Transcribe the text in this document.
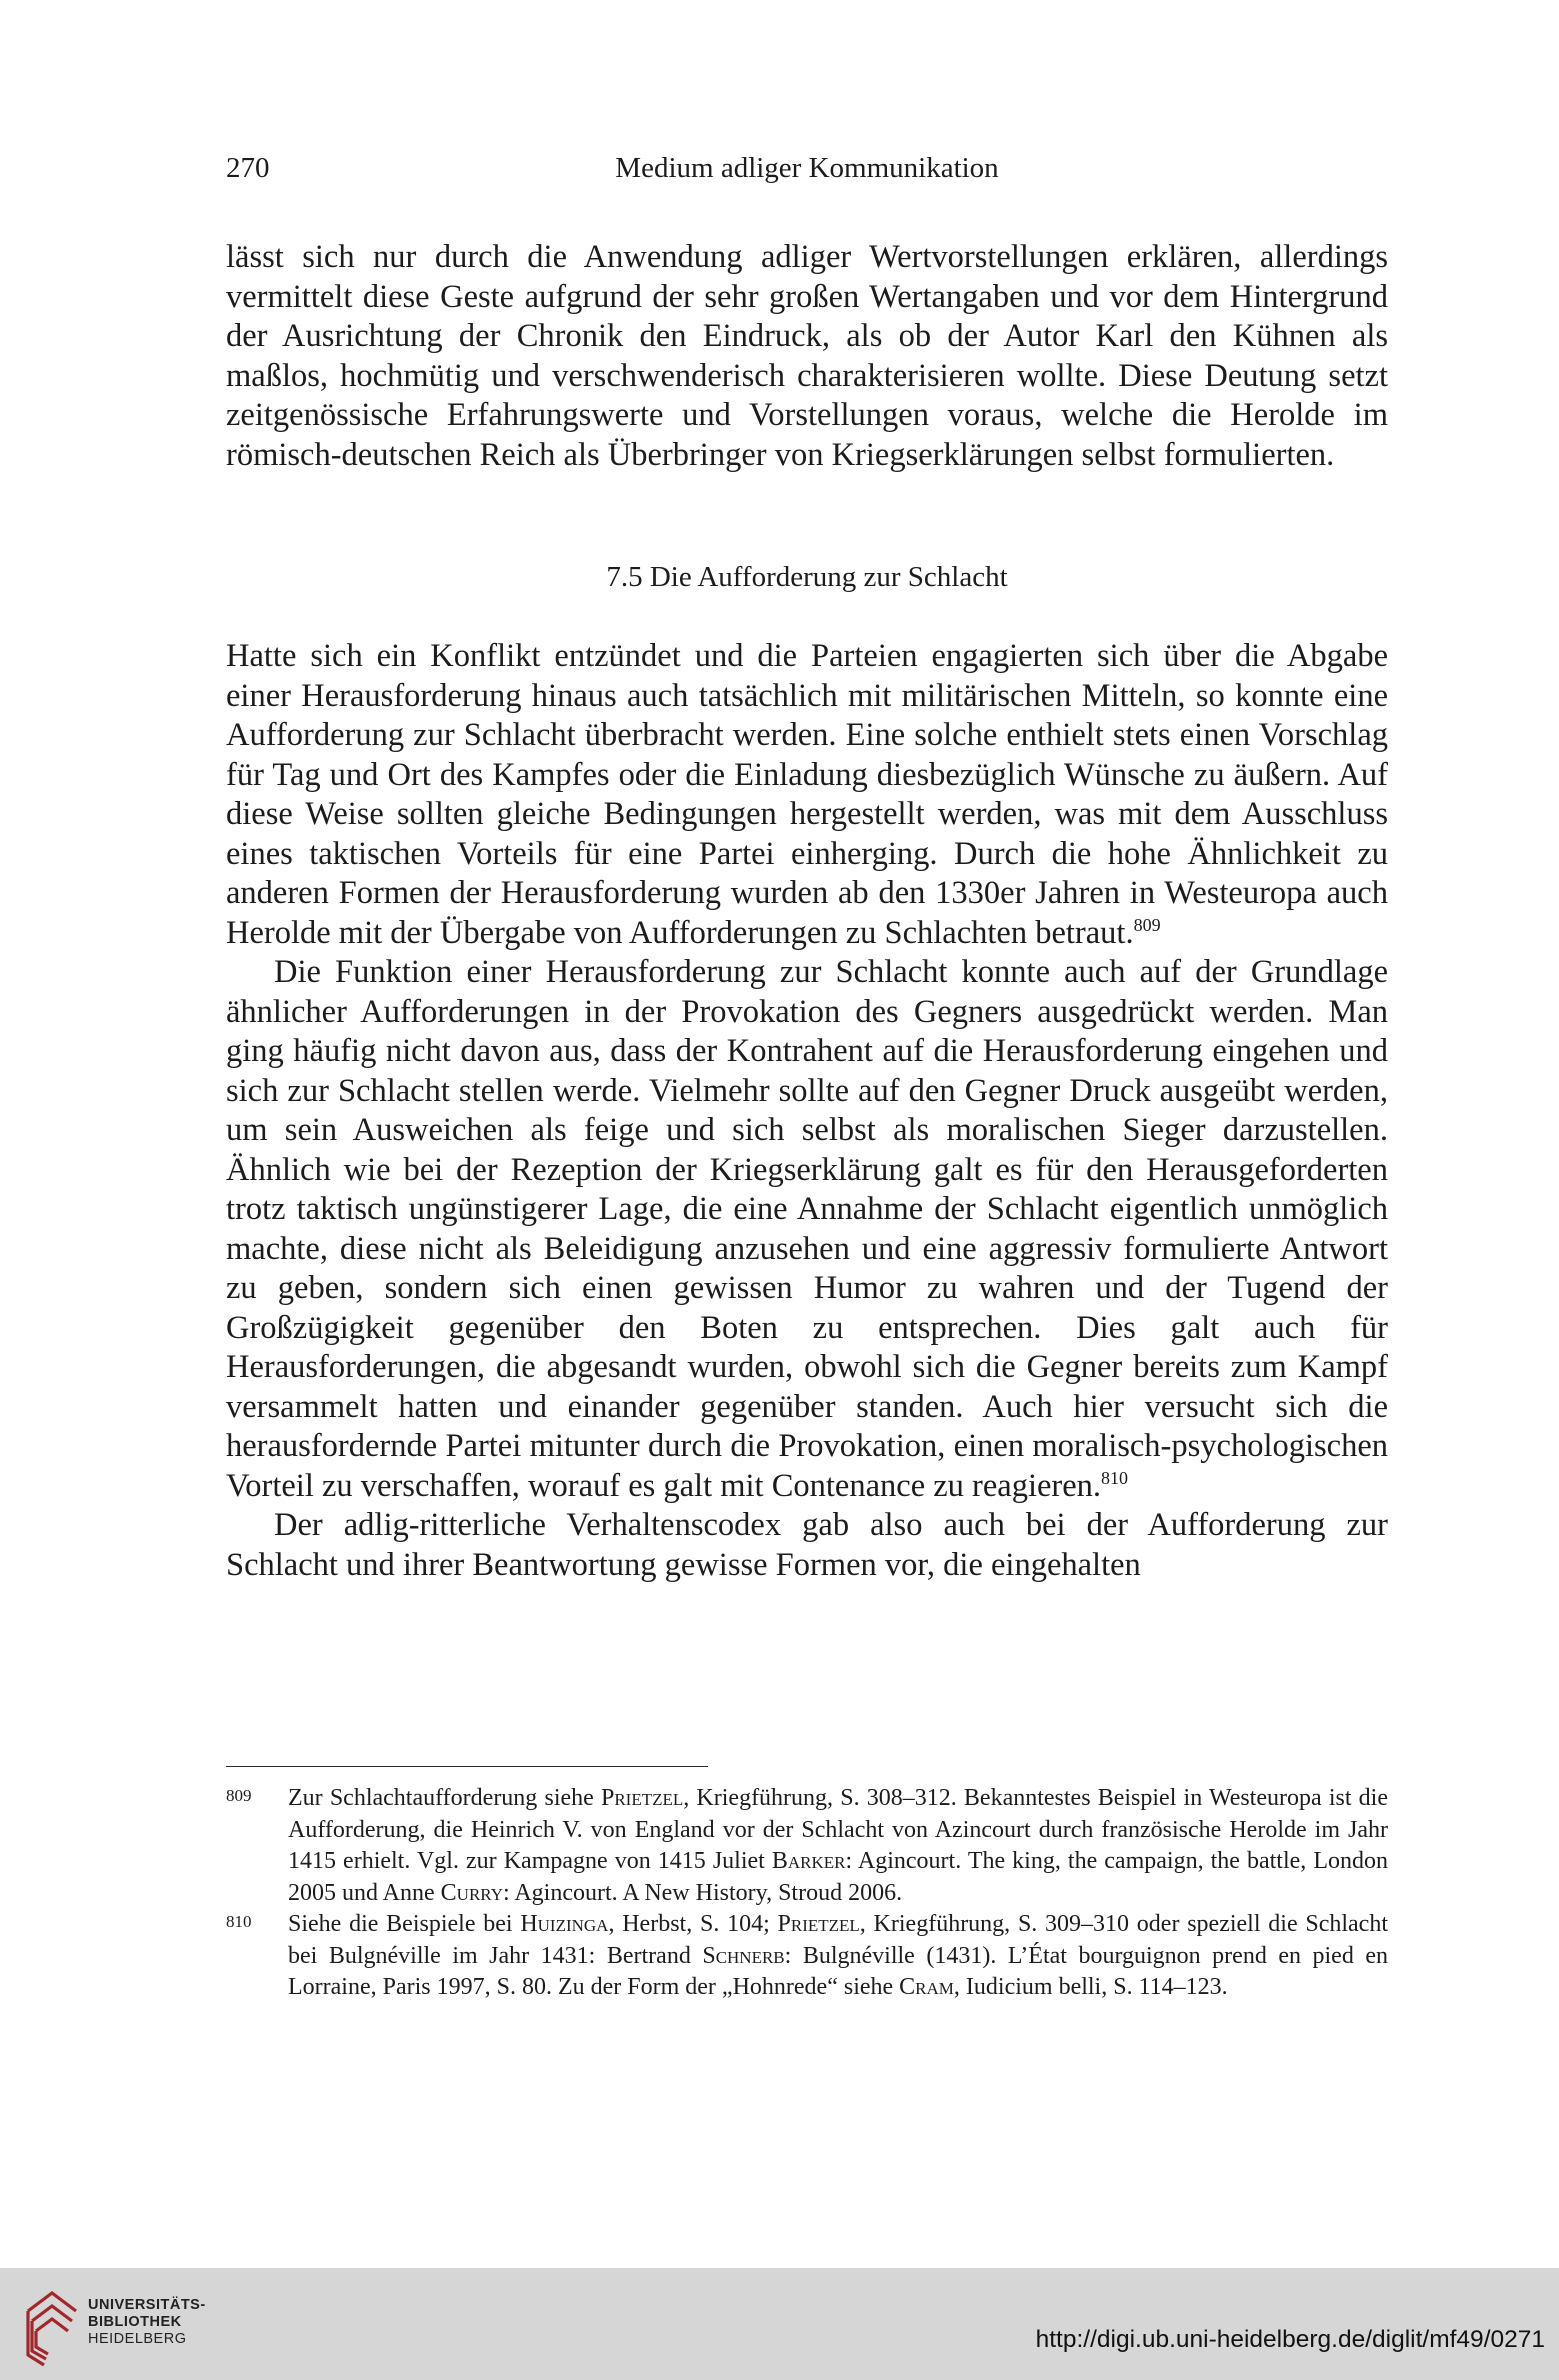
270	Medium adliger Kommunikation

lässt sich nur durch die Anwendung adliger Wertvorstellungen erklären, allerdings vermittelt diese Geste aufgrund der sehr großen Wertangaben und vor dem Hintergrund der Ausrichtung der Chronik den Eindruck, als ob der Autor Karl den Kühnen als maßlos, hochmütig und verschwenderisch charakterisieren wollte. Diese Deutung setzt zeitgenössische Erfahrungswerte und Vorstellungen voraus, welche die Herolde im römisch-deutschen Reich als Überbringer von Kriegserklärungen selbst formulierten.

7.5 Die Aufforderung zur Schlacht

Hatte sich ein Konflikt entzündet und die Parteien engagierten sich über die Abgabe einer Herausforderung hinaus auch tatsächlich mit militärischen Mitteln, so konnte eine Aufforderung zur Schlacht überbracht werden. Eine solche enthielt stets einen Vorschlag für Tag und Ort des Kampfes oder die Einladung diesbezüglich Wünsche zu äußern. Auf diese Weise sollten gleiche Bedingungen hergestellt werden, was mit dem Ausschluss eines taktischen Vorteils für eine Partei einherging. Durch die hohe Ähnlichkeit zu anderen Formen der Herausforderung wurden ab den 1330er Jahren in Westeuropa auch Herolde mit der Übergabe von Aufforderungen zu Schlachten betraut.$^{809}$

Die Funktion einer Herausforderung zur Schlacht konnte auch auf der Grundlage ähnlicher Aufforderungen in der Provokation des Gegners ausgedrückt werden. Man ging häufig nicht davon aus, dass der Kontrahent auf die Herausforderung eingehen und sich zur Schlacht stellen werde. Vielmehr sollte auf den Gegner Druck ausgeübt werden, um sein Ausweichen als feige und sich selbst als moralischen Sieger darzustellen. Ähnlich wie bei der Rezeption der Kriegserklärung galt es für den Herausgeforderten trotz taktisch ungünstigerer Lage, die eine Annahme der Schlacht eigentlich unmöglich machte, diese nicht als Beleidigung anzusehen und eine aggressiv formulierte Antwort zu geben, sondern sich einen gewissen Humor zu wahren und der Tugend der Großzügigkeit gegenüber den Boten zu entsprechen. Dies galt auch für Herausforderungen, die abgesandt wurden, obwohl sich die Gegner bereits zum Kampf versammelt hatten und einander gegenüber standen. Auch hier versucht sich die herausfordernde Partei mitunter durch die Provokation, einen moralisch-psychologischen Vorteil zu verschaffen, worauf es galt mit Contenance zu reagieren.$^{810}$

Der adlig-ritterliche Verhaltenscodex gab also auch bei der Aufforderung zur Schlacht und ihrer Beantwortung gewisse Formen vor, die eingehalten

809 Zur Schlachtaufforderung siehe Prietzel, Kriegführung, S. 308–312. Bekanntestes Beispiel in Westeuropa ist die Aufforderung, die Heinrich V. von England vor der Schlacht von Azincourt durch französische Herolde im Jahr 1415 erhielt. Vgl. zur Kampagne von 1415 Juliet Barker: Agincourt. The king, the campaign, the battle, London 2005 und Anne Curry: Agincourt. A New History, Stroud 2006.
810 Siehe die Beispiele bei Huizinga, Herbst, S. 104; Prietzel, Kriegführung, S. 309–310 oder speziell die Schlacht bei Bulgnéville im Jahr 1431: Bertrand Schnerb: Bulgnéville (1431). L’État bourguignon prend en pied en Lorraine, Paris 1997, S. 80. Zu der Form der „Hohnrede“ siehe Cram, Iudicium belli, S. 114–123.
UNIVERSITÄTS-
BIBLIOTHEK
HEIDELBERG	http://digi.ub.uni-heidelberg.de/diglit/mf49/0271
